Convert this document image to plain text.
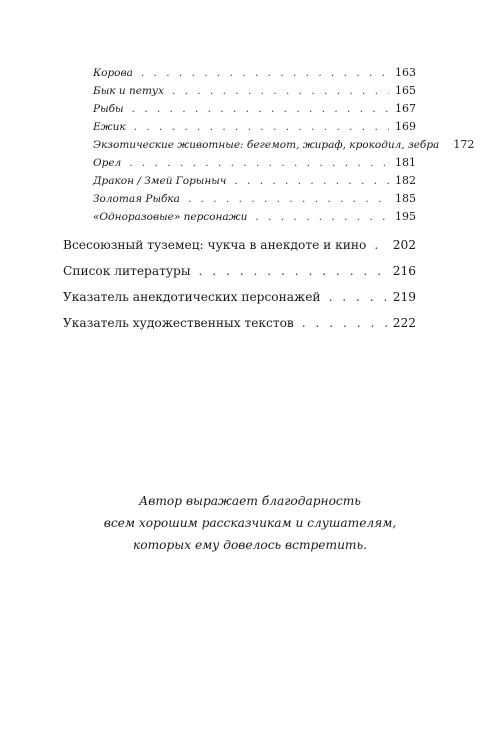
Корова . . .	163
Бык и петух . . .	165
Рыбы . . .	167
Ежик . . .	169
Экзотические животные: бегемот, жираф, крокодил, зебра 172
Орел . . .	181
Дракон / Змей Горыныч . . .	182
Золотая Рыбка . . .	185
«Одноразовые» персонажи . . .	195
Всесоюзный туземец: чукча в анекдоте и кино . . . 202
Список литературы . . .	216
Указатель анекдотических персонажей . . .	219
Указатель художественных текстов . . .	222
Автор выражает благодарность
всем хорошим рассказчикам и слушателям,
которых ему довелось встретить.
